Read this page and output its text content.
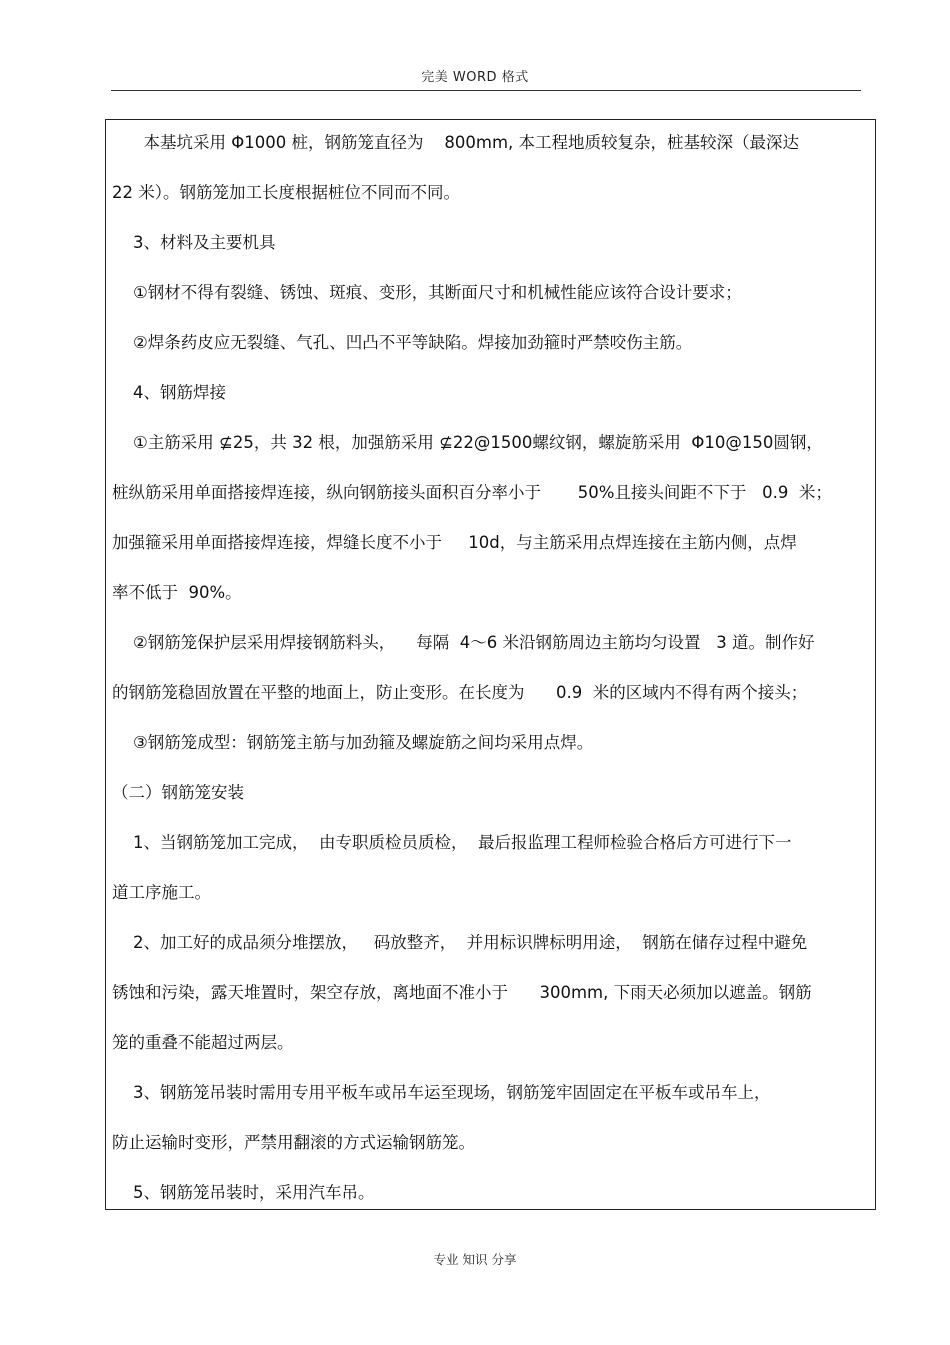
完美 WORD 格式
本基坑采用 Φ1000 桩，钢筋笼直径为    800mm, 本工程地质较复杂，桩基较深（最深达
22 米）。钢筋笼加工长度根据桩位不同而不同。
3、材料及主要机具
①钢材不得有裂缝、锈蚀、斑痕、变形，其断面尺寸和机械性能应该符合设计要求；
②焊条药皮应无裂缝、气孔、凹凸不平等缺陷。焊接加劲箍时严禁咬伤主筋。
4、钢筋焊接
①主筋采用 ⊈25，共 32 根，加强筋采用 ⊈22@1500螺纹钢，螺旋筋采用  Φ10@150圆钢，
桩纵筋采用单面搭接焊连接，纵向钢筋接头面积百分率小于       50%且接头间距不下于   0.9  米；
加强箍采用单面搭接焊连接，焊缝长度不小于     10d，与主筋采用点焊连接在主筋内侧，点焊
率不低于  90%。
②钢筋笼保护层采用焊接钢筋料头，    每隔  4～6 米沿钢筋周边主筋均匀设置   3 道。制作好
的钢筋笼稳固放置在平整的地面上，防止变形。在长度为      0.9  米的区域内不得有两个接头；
③钢筋笼成型：钢筋笼主筋与加劲箍及螺旋筋之间均采用点焊。
（二）钢筋笼安装
1、当钢筋笼加工完成，  由专职质检员质检，  最后报监理工程师检验合格后方可进行下一
道工序施工。
2、加工好的成品须分堆摆放，   码放整齐，  并用标识牌标明用途，  钢筋在储存过程中避免
锈蚀和污染，露天堆置时，架空存放，离地面不准小于      300mm, 下雨天必须加以遮盖。钢筋
笼的重叠不能超过两层。
3、钢筋笼吊装时需用专用平板车或吊车运至现场，钢筋笼牢固固定在平板车或吊车上，
防止运输时变形，严禁用翻滚的方式运输钢筋笼。
5、钢筋笼吊装时，采用汽车吊。
专业 知识 分享
